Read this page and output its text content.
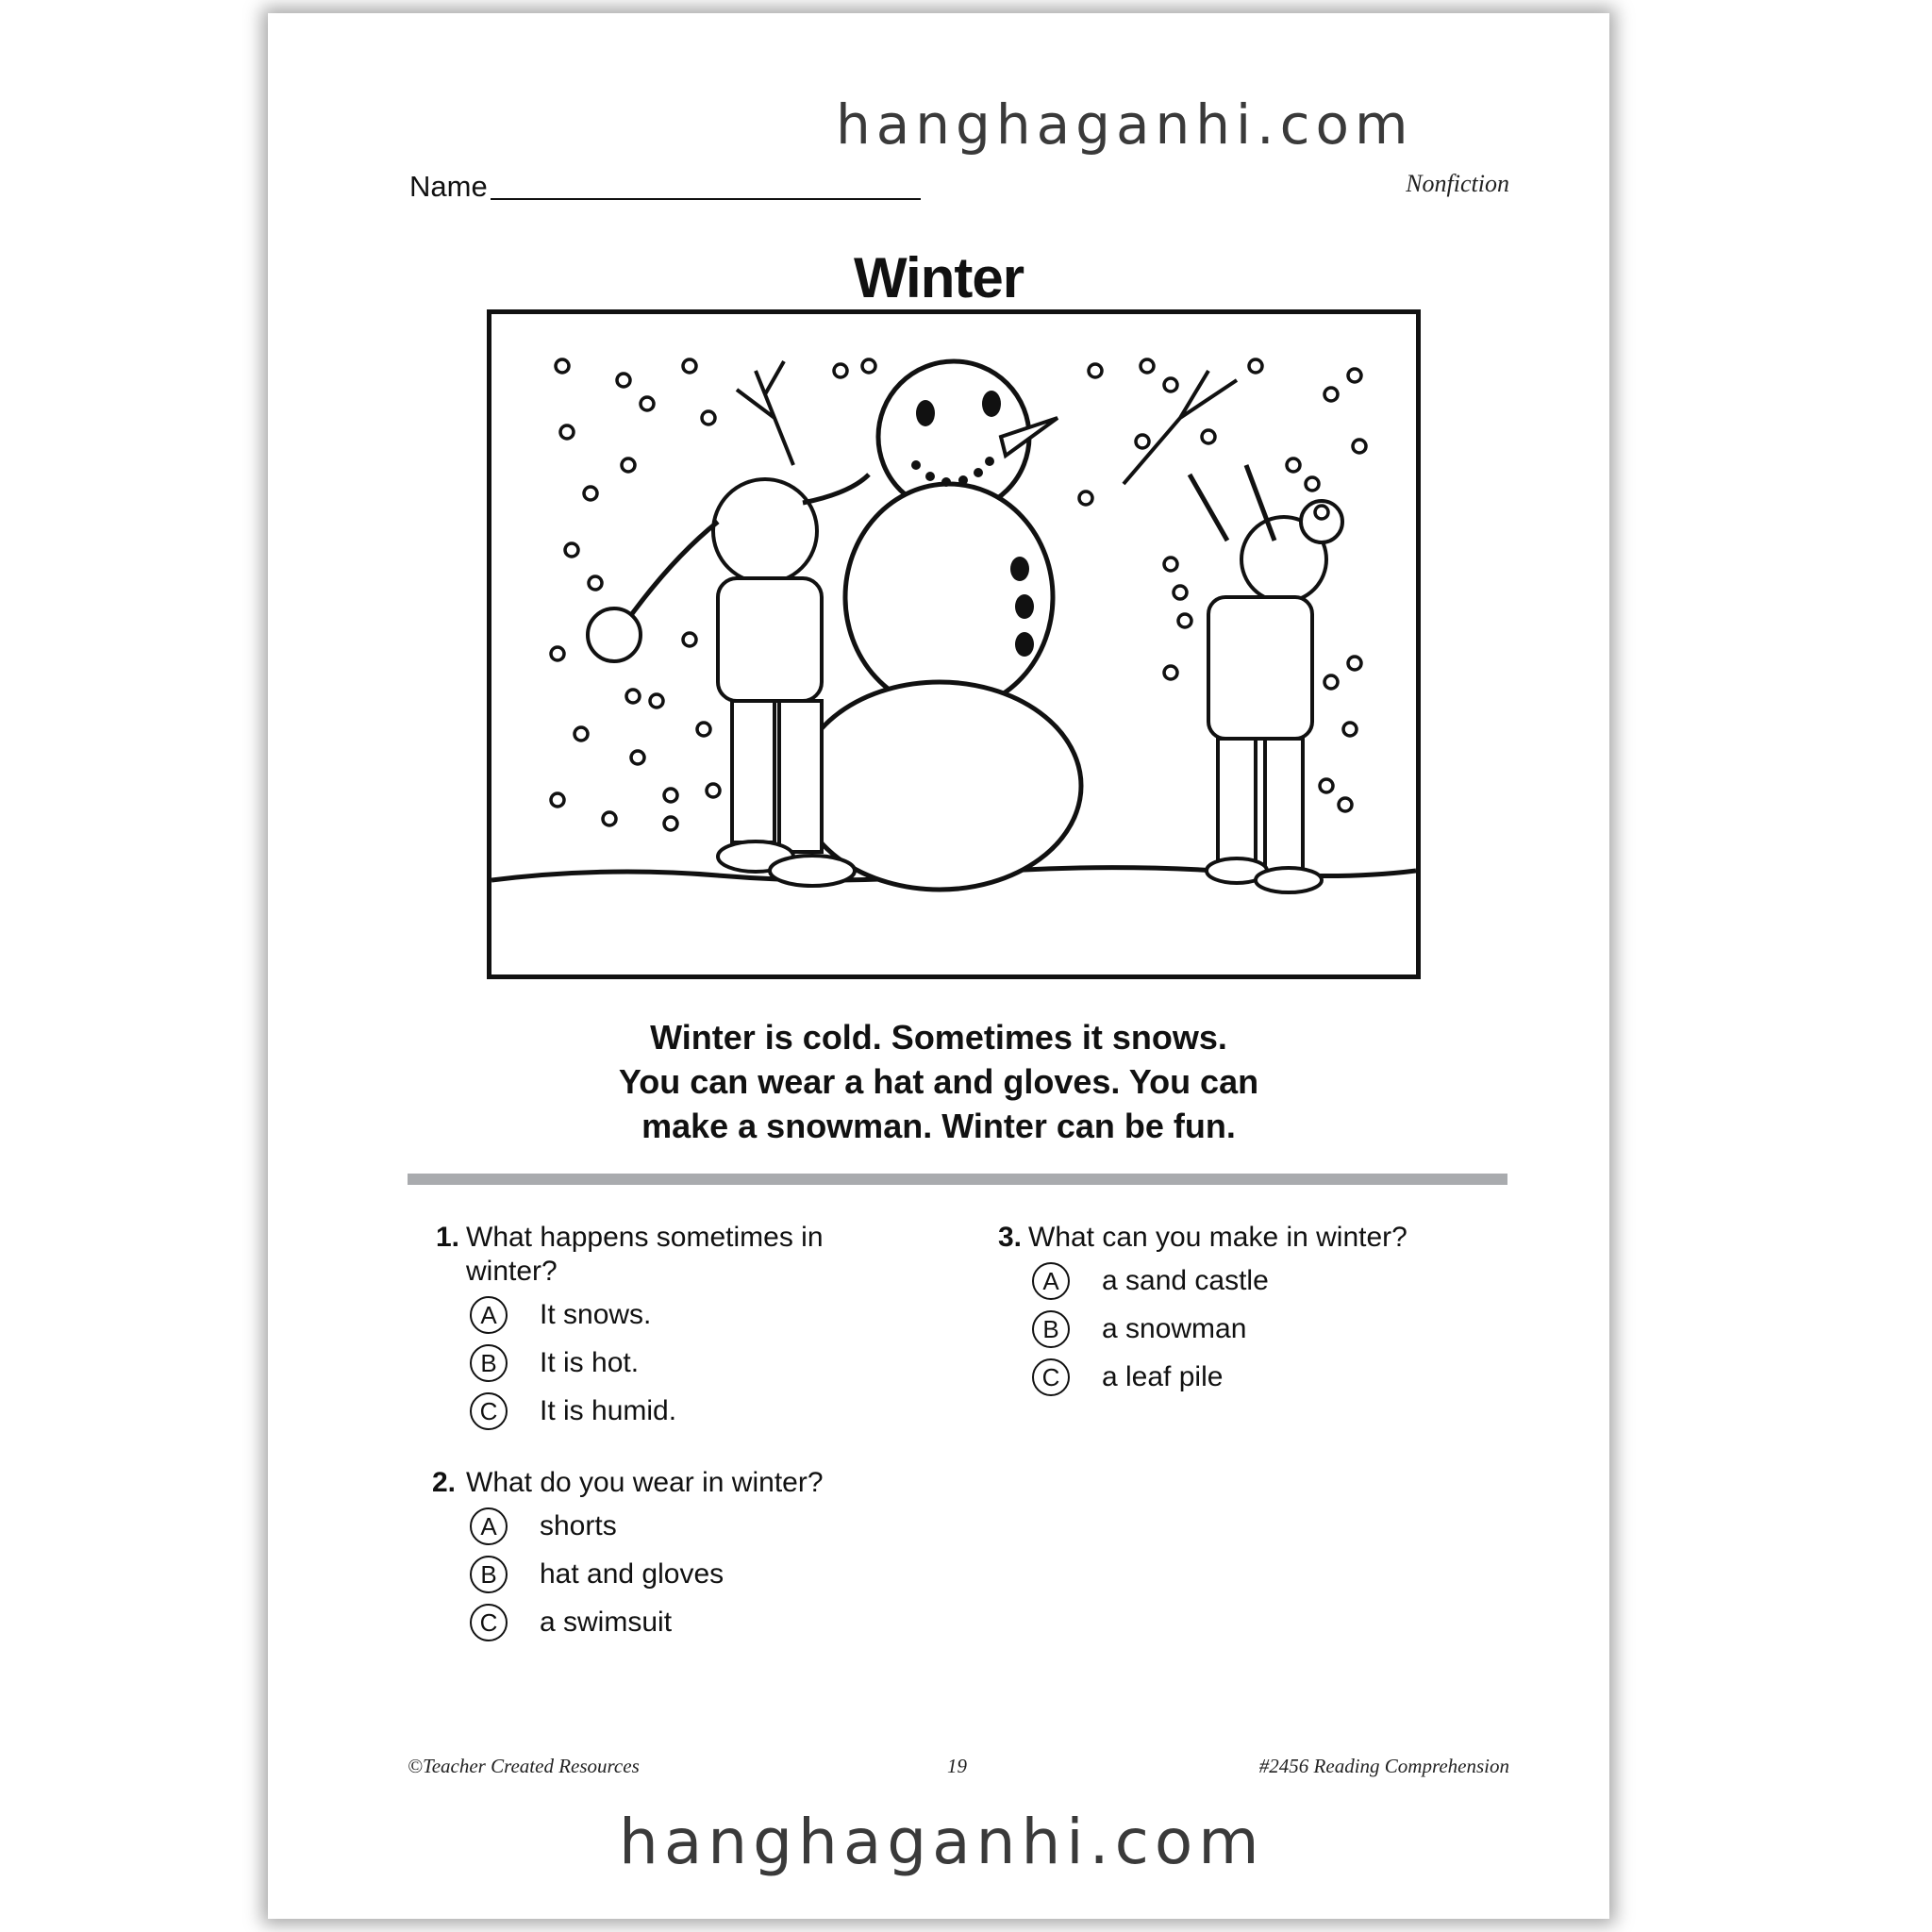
hanghaganhi.com
Name	Nonfiction
Winter
Winter is cold. Sometimes it snows.
You can wear a hat and gloves. You can
make a snowman. Winter can be fun.
1. What happens sometimes in
winter?
A	It snows.
B	It is hot.
C	It is humid.
2. What do you wear in winter?
A	shorts
B	hat and gloves
C	a swimsuit
3. What can you make in winter?
A	a sand castle
B	a snowman
C	a leaf pile
©Teacher Created Resources	19	#2456 Reading Comprehension
hanghaganhi.com
